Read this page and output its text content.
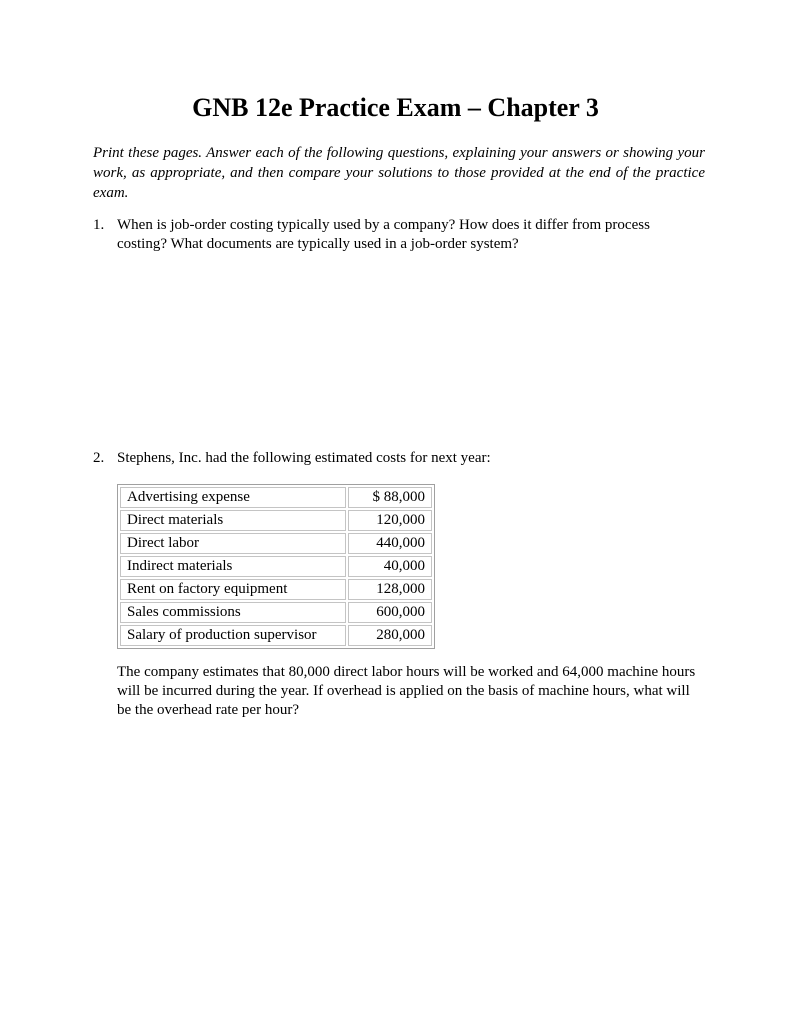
GNB 12e Practice Exam – Chapter 3
Print these pages. Answer each of the following questions, explaining your answers or showing your work, as appropriate, and then compare your solutions to those provided at the end of the practice exam.
1. When is job-order costing typically used by a company? How does it differ from process costing? What documents are typically used in a job-order system?
2. Stephens, Inc. had the following estimated costs for next year:
Advertising expense	$ 88,000
Direct materials	120,000
Direct labor	440,000
Indirect materials	40,000
Rent on factory equipment	128,000
Sales commissions	600,000
Salary of production supervisor	280,000
The company estimates that 80,000 direct labor hours will be worked and 64,000 machine hours will be incurred during the year. If overhead is applied on the basis of machine hours, what will be the overhead rate per hour?
